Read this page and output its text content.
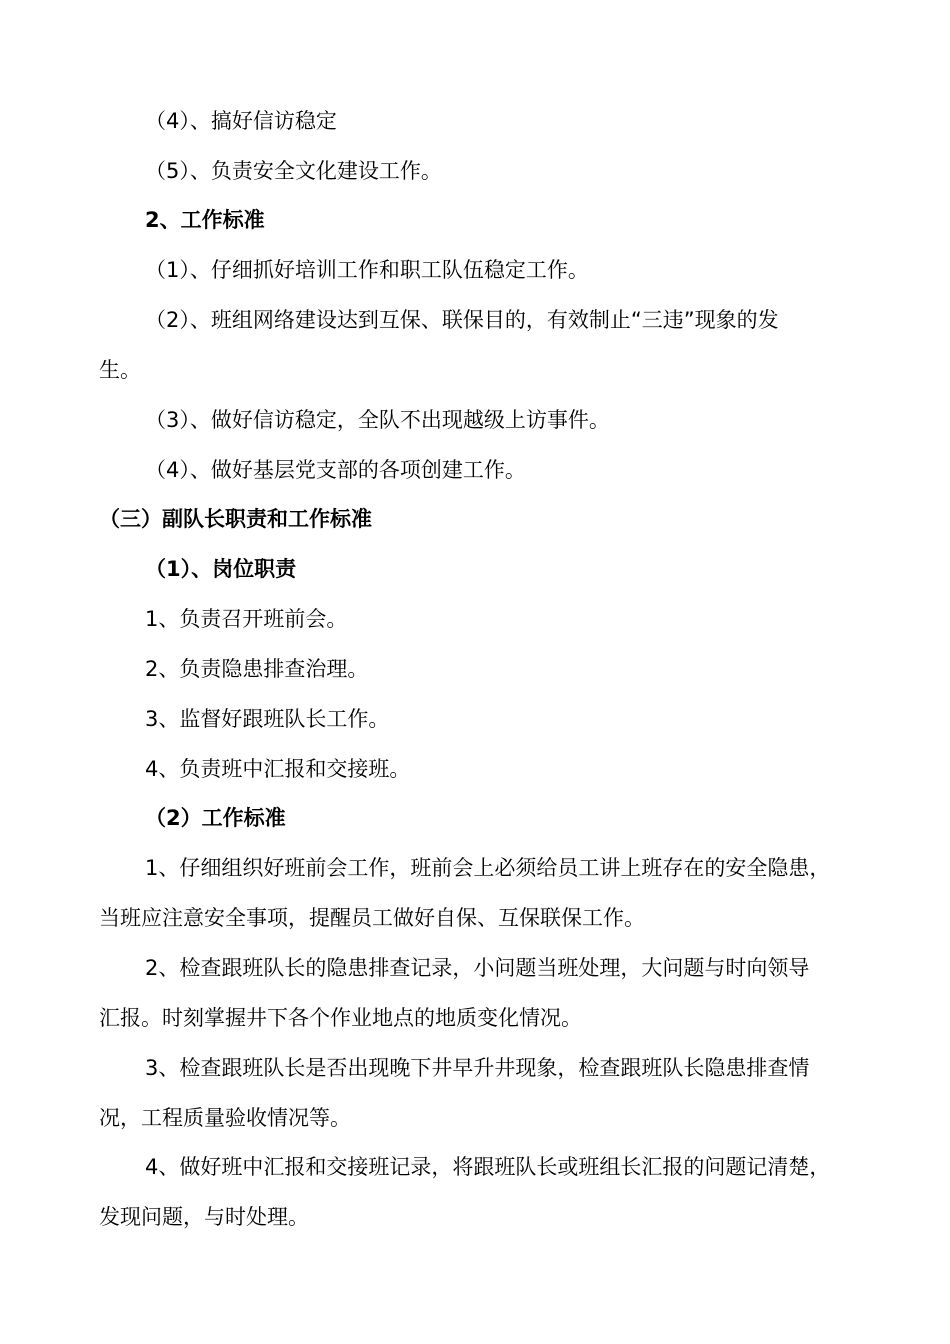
（4）、搞好信访稳定
（5）、负责安全文化建设工作。
2、工作标准
（1）、仔细抓好培训工作和职工队伍稳定工作。
（2）、班组网络建设达到互保、联保目的，有效制止“三违”现象的发
生。
（3）、做好信访稳定，全队不出现越级上访事件。
（4）、做好基层党支部的各项创建工作。
（三）副队长职责和工作标准
（1）、岗位职责
1、负责召开班前会。
2、负责隐患排查治理。
3、监督好跟班队长工作。
4、负责班中汇报和交接班。
（2）工作标准
1、仔细组织好班前会工作，班前会上必须给员工讲上班存在的安全隐患，
当班应注意安全事项，提醒员工做好自保、互保联保工作。
2、检查跟班队长的隐患排查记录，小问题当班处理，大问题与时向领导
汇报。时刻掌握井下各个作业地点的地质变化情况。
3、检查跟班队长是否出现晚下井早升井现象，检查跟班队长隐患排查情
况，工程质量验收情况等。
4、做好班中汇报和交接班记录，将跟班队长或班组长汇报的问题记清楚，
发现问题，与时处理。
